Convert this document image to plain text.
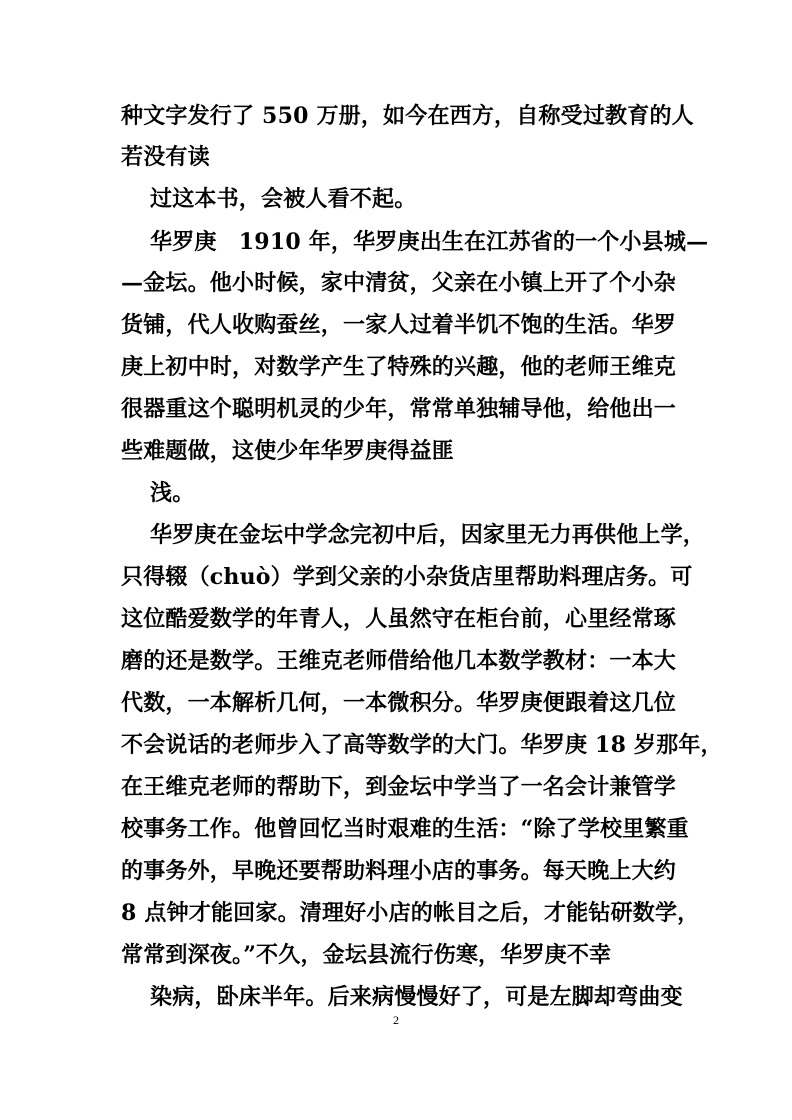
种文字发行了 550 万册，如今在西方，自称受过教育的人
若没有读
过这本书，会被人看不起。
华罗庚　1910 年，华罗庚出生在江苏省的一个小县城—
—金坛。他小时候，家中清贫，父亲在小镇上开了个小杂
货铺，代人收购蚕丝，一家人过着半饥不饱的生活。华罗
庚上初中时，对数学产生了特殊的兴趣，他的老师王维克
很器重这个聪明机灵的少年，常常单独辅导他，给他出一
些难题做，这使少年华罗庚得益匪
浅。
华罗庚在金坛中学念完初中后，因家里无力再供他上学，
只得辍（chuò）学到父亲的小杂货店里帮助料理店务。可
这位酷爱数学的年青人，人虽然守在柜台前，心里经常琢
磨的还是数学。王维克老师借给他几本数学教材：一本大
代数，一本解析几何，一本微积分。华罗庚便跟着这几位
不会说话的老师步入了高等数学的大门。华罗庚 18 岁那年，
在王维克老师的帮助下，到金坛中学当了一名会计兼管学
校事务工作。他曾回忆当时艰难的生活：“除了学校里繁重
的事务外，早晚还要帮助料理小店的事务。每天晚上大约
8 点钟才能回家。清理好小店的帐目之后，才能钻研数学，
常常到深夜。”不久，金坛县流行伤寒，华罗庚不幸
染病，卧床半年。后来病慢慢好了，可是左脚却弯曲变
2
